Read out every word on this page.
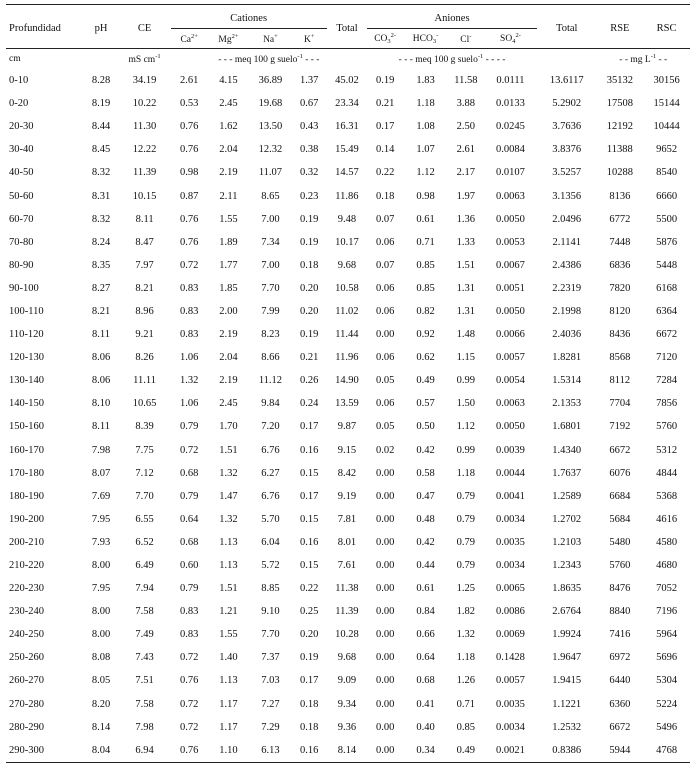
Profundidad	pH	CE	Cationes				Total	Aniones				Total	RSE	RSC
			$Ca^{2+}$	$Mg^{2+}$	Na+	K+		$CO_3^{2-}$	$HCO_3^-$	Cl-	$SO_4^{2-}$
cm		mS $cm^{-1}$	- - - meq 100 g suelo$^{-1}$ - - -					- - - meq 100 g suelo$^{-1}$ - - - -					- - mg $L^{-1}$ - -	
0-10	8.28	34.19	2.61	4.15	36.89	1.37	45.02	0.19	1.83	11.58	0.0111	13.6117	35132	30156
0-20	8.19	10.22	0.53	2.45	19.68	0.67	23.34	0.21	1.18	3.88	0.0133	5.2902	17508	15144
20-30	8.44	11.30	0.76	1.62	13.50	0.43	16.31	0.17	1.08	2.50	0.0245	3.7636	12192	10444
30-40	8.45	12.22	0.76	2.04	12.32	0.38	15.49	0.14	1.07	2.61	0.0084	3.8376	11388	9652
40-50	8.32	11.39	0.98	2.19	11.07	0.32	14.57	0.22	1.12	2.17	0.0107	3.5257	10288	8540
50-60	8.31	10.15	0.87	2.11	8.65	0.23	11.86	0.18	0.98	1.97	0.0063	3.1356	8136	6660
60-70	8.32	8.11	0.76	1.55	7.00	0.19	9.48	0.07	0.61	1.36	0.0050	2.0496	6772	5500
70-80	8.24	8.47	0.76	1.89	7.34	0.19	10.17	0.06	0.71	1.33	0.0053	2.1141	7448	5876
80-90	8.35	7.97	0.72	1.77	7.00	0.18	9.68	0.07	0.85	1.51	0.0067	2.4386	6836	5448
90-100	8.27	8.21	0.83	1.85	7.70	0.20	10.58	0.06	0.85	1.31	0.0051	2.2319	7820	6168
100-110	8.21	8.96	0.83	2.00	7.99	0.20	11.02	0.06	0.82	1.31	0.0050	2.1998	8120	6364
110-120	8.11	9.21	0.83	2.19	8.23	0.19	11.44	0.00	0.92	1.48	0.0066	2.4036	8436	6672
120-130	8.06	8.26	1.06	2.04	8.66	0.21	11.96	0.06	0.62	1.15	0.0057	1.8281	8568	7120
130-140	8.06	11.11	1.32	2.19	11.12	0.26	14.90	0.05	0.49	0.99	0.0054	1.5314	8112	7284
140-150	8.10	10.65	1.06	2.45	9.84	0.24	13.59	0.06	0.57	1.50	0.0063	2.1353	7704	7856
150-160	8.11	8.39	0.79	1.70	7.20	0.17	9.87	0.05	0.50	1.12	0.0050	1.6801	7192	5760
160-170	7.98	7.75	0.72	1.51	6.76	0.16	9.15	0.02	0.42	0.99	0.0039	1.4340	6672	5312
170-180	8.07	7.12	0.68	1.32	6.27	0.15	8.42	0.00	0.58	1.18	0.0044	1.7637	6076	4844
180-190	7.69	7.70	0.79	1.47	6.76	0.17	9.19	0.00	0.47	0.79	0.0041	1.2589	6684	5368
190-200	7.95	6.55	0.64	1.32	5.70	0.15	7.81	0.00	0.48	0.79	0.0034	1.2702	5684	4616
200-210	7.93	6.52	0.68	1.13	6.04	0.16	8.01	0.00	0.42	0.79	0.0035	1.2103	5480	4580
210-220	8.00	6.49	0.60	1.13	5.72	0.15	7.61	0.00	0.44	0.79	0.0034	1.2343	5760	4680
220-230	7.95	7.94	0.79	1.51	8.85	0.22	11.38	0.00	0.61	1.25	0.0065	1.8635	8476	7052
230-240	8.00	7.58	0.83	1.21	9.10	0.25	11.39	0.00	0.84	1.82	0.0086	2.6764	8840	7196
240-250	8.00	7.49	0.83	1.55	7.70	0.20	10.28	0.00	0.66	1.32	0.0069	1.9924	7416	5964
250-260	8.08	7.43	0.72	1.40	7.37	0.19	9.68	0.00	0.64	1.18	0.1428	1.9647	6972	5696
260-270	8.05	7.51	0.76	1.13	7.03	0.17	9.09	0.00	0.68	1.26	0.0057	1.9415	6440	5304
270-280	8.20	7.58	0.72	1.17	7.27	0.18	9.34	0.00	0.41	0.71	0.0035	1.1221	6360	5224
280-290	8.14	7.98	0.72	1.17	7.29	0.18	9.36	0.00	0.40	0.85	0.0034	1.2532	6672	5496
290-300	8.04	6.94	0.76	1.10	6.13	0.16	8.14	0.00	0.34	0.49	0.0021	0.8386	5944	4768
